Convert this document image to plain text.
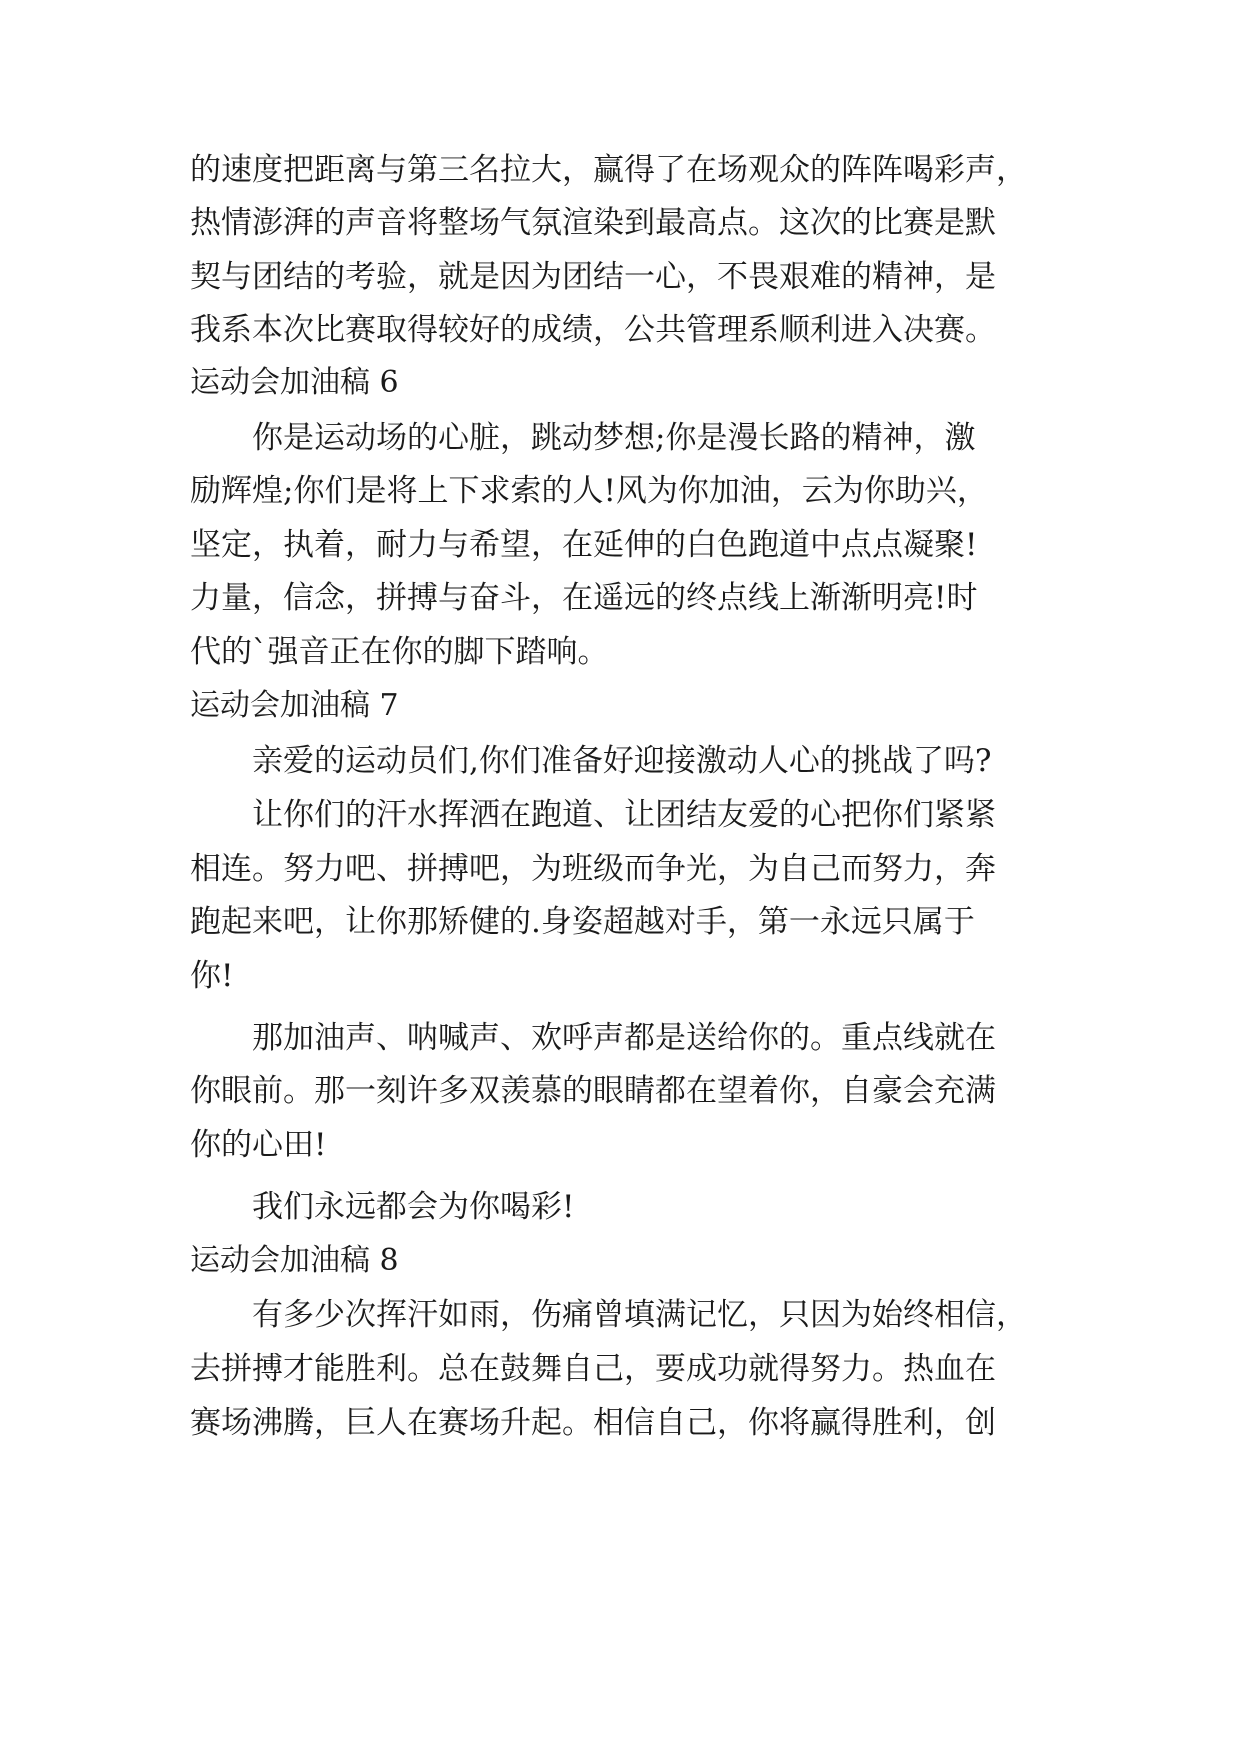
的速度把距离与第三名拉大，赢得了在场观众的阵阵喝彩声，
热情澎湃的声音将整场气氛渲染到最高点。这次的比赛是默
契与团结的考验，就是因为团结一心，不畏艰难的精神，是
我系本次比赛取得较好的成绩，公共管理系顺利进入决赛。
运动会加油稿 6
你是运动场的心脏，跳动梦想;你是漫长路的精神，激
励辉煌;你们是将上下求索的人!风为你加油，云为你助兴，
坚定，执着，耐力与希望，在延伸的白色跑道中点点凝聚!
力量，信念，拼搏与奋斗，在遥远的终点线上渐渐明亮!时
代的`强音正在你的脚下踏响。
运动会加油稿 7
亲爱的运动员们,你们准备好迎接激动人心的挑战了吗?
让你们的汗水挥洒在跑道、让团结友爱的心把你们紧紧
相连。努力吧、拼搏吧，为班级而争光，为自己而努力，奔
跑起来吧，让你那矫健的.身姿超越对手，第一永远只属于
你!
那加油声、呐喊声、欢呼声都是送给你的。重点线就在
你眼前。那一刻许多双羡慕的眼睛都在望着你，自豪会充满
你的心田!
我们永远都会为你喝彩!
运动会加油稿 8
有多少次挥汗如雨，伤痛曾填满记忆，只因为始终相信，
去拼搏才能胜利。总在鼓舞自己，要成功就得努力。热血在
赛场沸腾，巨人在赛场升起。相信自己，你将赢得胜利，创
